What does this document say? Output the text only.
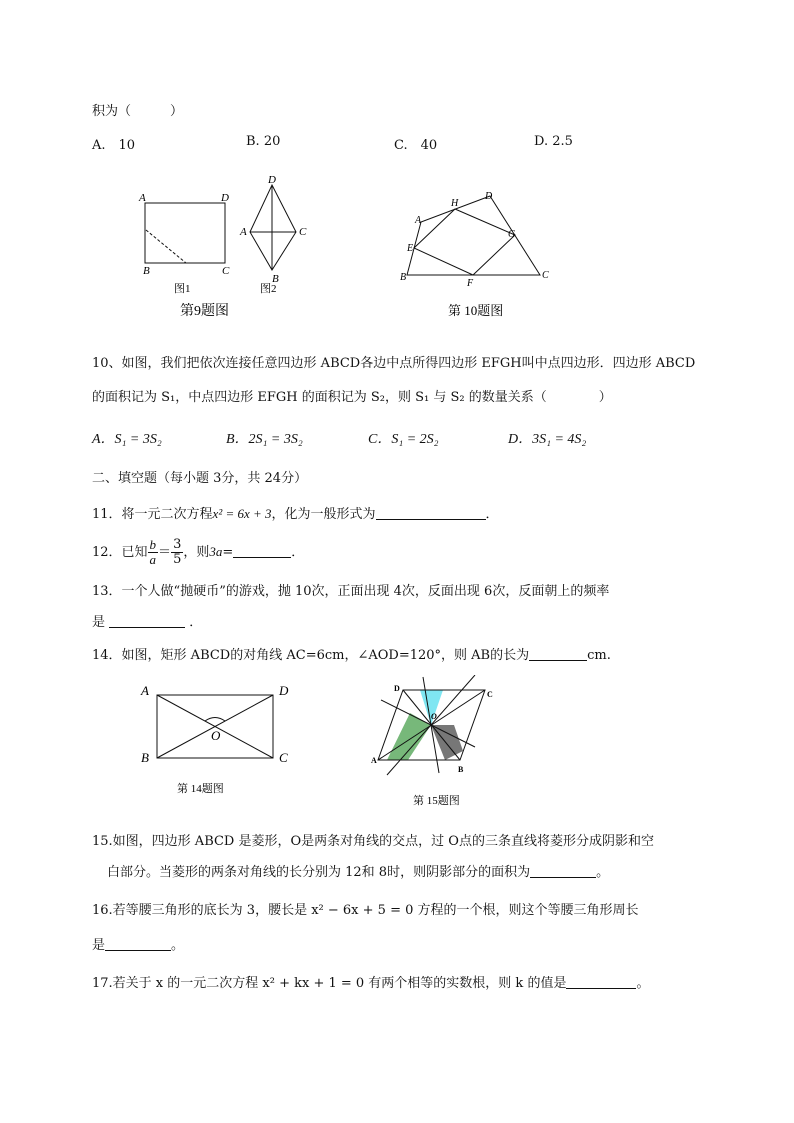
积为（　　　）
A.　10	B. 20	C.　40	D. 2.5
A	D
B	C
图1
D
A	C
B
图2
第9题图
A
B	C
D
E
F
G
H
第 10题图
10、如图，我们把依次连接任意四边形 ABCD各边中点所得四边形 EFGH叫中点四边形．四边形 ABCD
的面积记为 S₁，中点四边形 EFGH 的面积记为 S₂，则 S₁ 与 S₂ 的数量关系（　　　　）
A．S₁ = 3S₂	B．2S₁ = 3S₂	C．S₁ = 2S₂	D．3S₁ = 4S₂
二、填空题（每小题 3分，共 24分）
11．将一元二次方程x² = 6x + 3，化为一般形式为	．
12．已知 $\frac{b}{a} = \frac{3}{5}$ ，则3a=	．
13．一个人做“抛硬币”的游戏，抛 10次，正面出现 4次，反面出现 6次，反面朝上的频率
是	．
14．如图，矩形 ABCD的对角线 AC=6cm，∠AOD=120°，则 AB的长为	cm.
A	D
B	C
O
第 14题图
D
C
B
A
O
第 15题图
15.如图，四边形 ABCD 是菱形，O是两条对角线的交点，过 O点的三条直线将菱形分成阴影和空
白部分。当菱形的两条对角线的长分别为 12和 8时，则阴影部分的面积为	。
16.若等腰三角形的底长为 3，腰长是 x² − 6x + 5 = 0 方程的一个根，则这个等腰三角形周长
是	。
17.若关于 x 的一元二次方程 x² + kx + 1 = 0 有两个相等的实数根，则 k 的值是	。
